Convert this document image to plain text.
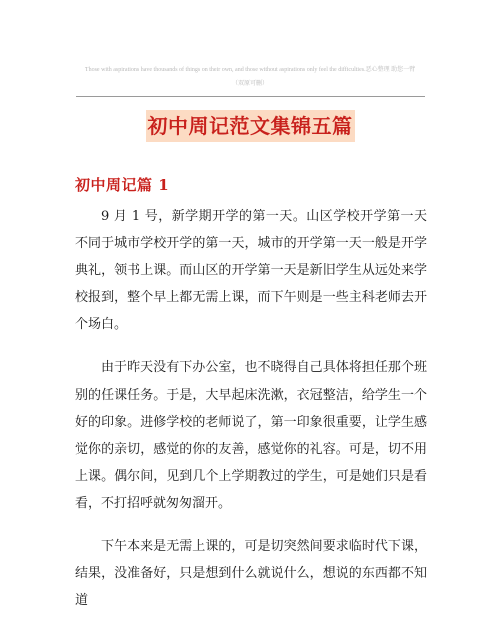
Those with aspirations have thousands of things on their own, and those without aspirations only feel the difficulties.恶心整理 助您一臂（双原可删）
初中周记范文集锦五篇
初中周记篇 1

9 月 1 号，新学期开学的第一天。山区学校开学第一天不同于城市学校开学的第一天，城市的开学第一天一般是开学典礼，领书上课。而山区的开学第一天是新旧学生从远处来学校报到，整个早上都无需上课，而下午则是一些主科老师去开个场白。

由于昨天没有下办公室，也不晓得自己具体将担任那个班别的任课任务。于是，大早起床洗漱，衣冠整洁，给学生一个好的印象。进修学校的老师说了，第一印象很重要，让学生感觉你的亲切，感觉的你的友善，感觉你的礼容。可是，切不用上课。偶尔间，见到几个上学期教过的学生，可是她们只是看看，不打招呼就匆匆溜开。

下午本来是无需上课的，可是切突然间要求临时代下课，结果，没准备好，只是想到什么就说什么，想说的东西都不知道
